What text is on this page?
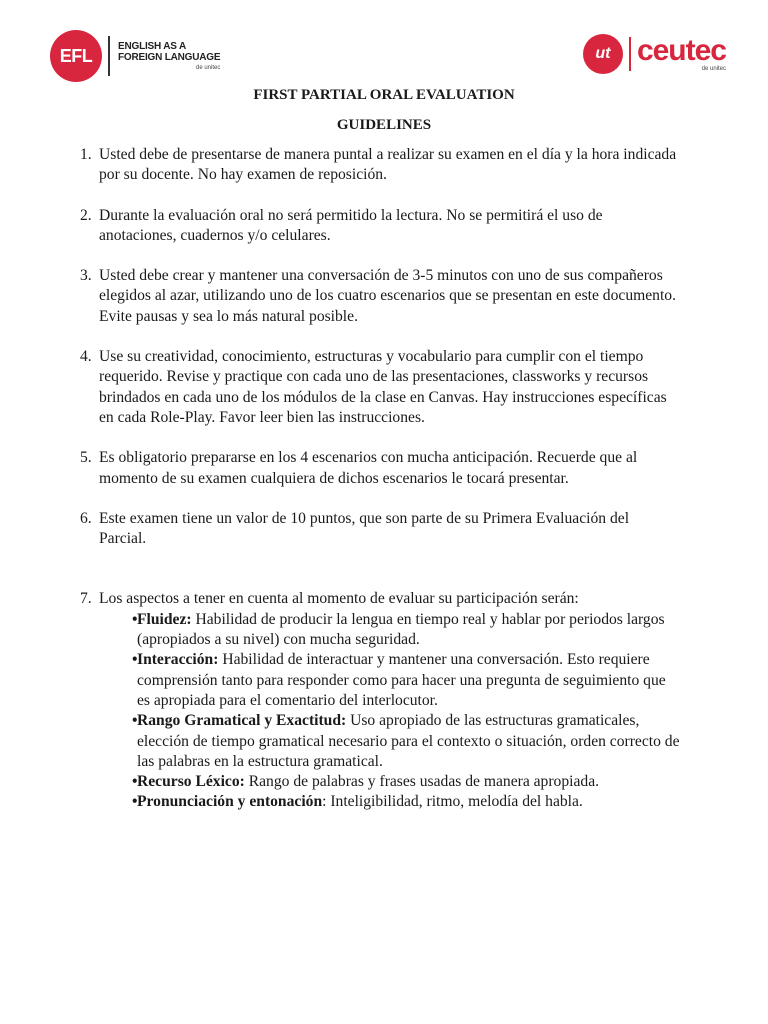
EFL	ENGLISH AS A
FOREIGN LANGUAGE
de unitec
ut ceutec
de unitec
FIRST PARTIAL ORAL EVALUATION
GUIDELINES
1. Usted debe de presentarse de manera puntal a realizar su examen en el día y la hora indicada por su docente. No hay examen de reposición.
2. Durante la evaluación oral no será permitido la lectura. No se permitirá el uso de anotaciones, cuadernos y/o celulares.
3. Usted debe crear y mantener una conversación de 3-5 minutos con uno de sus compañeros elegidos al azar, utilizando uno de los cuatro escenarios que se presentan en este documento. Evite pausas y sea lo más natural posible.
4. Use su creatividad, conocimiento, estructuras y vocabulario para cumplir con el tiempo requerido. Revise y practique con cada uno de las presentaciones, classworks y recursos brindados en cada uno de los módulos de la clase en Canvas. Hay instrucciones específicas en cada Role-Play. Favor leer bien las instrucciones.
5. Es obligatorio prepararse en los 4 escenarios con mucha anticipación. Recuerde que al momento de su examen cualquiera de dichos escenarios le tocará presentar.
6. Este examen tiene un valor de 10 puntos, que son parte de su Primera Evaluación del Parcial.
7. Los aspectos a tener en cuenta al momento de evaluar su participación serán:
• Fluidez: Habilidad de producir la lengua en tiempo real y hablar por periodos largos (apropiados a su nivel) con mucha seguridad.
• Interacción: Habilidad de interactuar y mantener una conversación. Esto requiere comprensión tanto para responder como para hacer una pregunta de seguimiento que es apropiada para el comentario del interlocutor.
• Rango Gramatical y Exactitud: Uso apropiado de las estructuras gramaticales, elección de tiempo gramatical necesario para el contexto o situación, orden correcto de las palabras en la estructura gramatical.
• Recurso Léxico: Rango de palabras y frases usadas de manera apropiada.
• Pronunciación y entonación: Inteligibilidad, ritmo, melodía del habla.
